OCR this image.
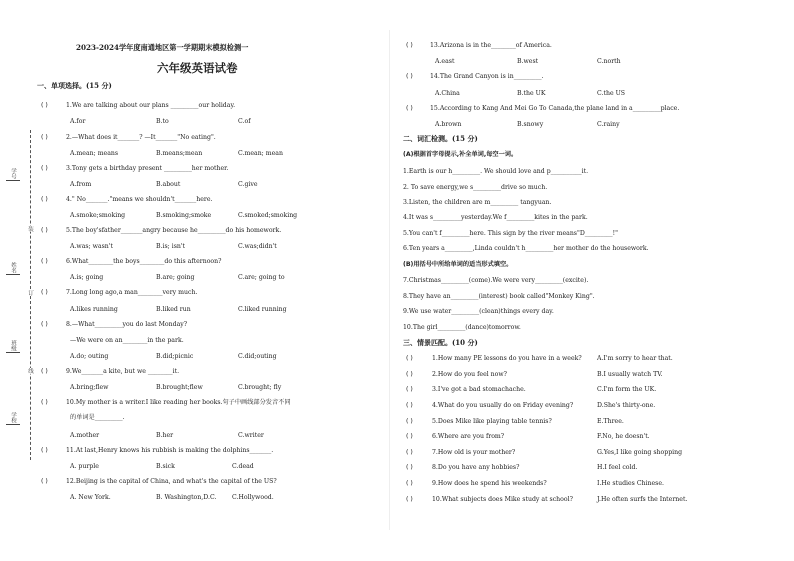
学号
姓名
班级
学校
装
订
线
2023-2024学年度南通地区第一学期期末模拟检测一
六年级英语试卷
一、单项选择。(15 分)
( )	1.We are talking about our plans _________our holiday.
A.for	B.to	C.of
( )	2.—What does it_______? —It_______"No eating".
A.mean; means	B.means;mean	C.mean; mean
( )	3.Tony gets a birthday present _________her mother.
A.from	B.about	C.give
( )	4." No_______."means we shouldn't_______here.
A.smoke;smoking	B.smoking;smoke	C.smoked;smoking
( )	5.The boy'sfather_______angry because he_________do his homework.
A.was; wasn't	B.is; isn't	C.was;didn't
( )	6.What________the boys________do this afternoon?
A.is; going	B.are; going	C.are; going to
( )	7.Long long ago,a man________very much.
A.likes running	B.liked run	C.liked running
( )	8.—What_________you do last Monday?
—We were on an________in the park.
A.do; outing	B.did;picnic	C.did;outing
( )	9.We_______a kite, but we ________it.
A.bring;flew	B.brought;flew	C.brought; fly
( )	10.My mother is a writer.I like reading her books.句子中画线部分发音不同
的单词是_________.
A.mother	B.her	C.writer
( )	11.At last,Henry knows his rubbish is making the dolphins_______.
A. purple	B.sick	C.dead
( )	12.Beijing is the capital of China, and what's the capital of the US?
A. New York.	B. Washington,D.C.	C.Hollywood.
( )	13.Arizona is in the________of America.
A.east	B.west	C.north
( )	14.The Grand Canyon is in_________.
A.China	B.the UK	C.the US
( )	15.According to Kang And Mei Go To Canada,the plane land in a_________place.
A.brown	B.snowy	C.rainy
二、词汇检测。(15 分)
(A)根据首字母提示,补全单词,每空一词。
1.Earth is our h_________. We should love and p__________it.
2. To save energy,we s_________drive so much.
3.Listen, the children are m_________ tangyuan.
4.It was s_________yesterday.We f_________kites in the park.
5.You can't f_________here. This sign by the river means"D_________!"
6.Ten years a_________,Linda couldn't h_________her mother do the housework.
(B)用括号中所给单词的适当形式填空。
7.Christmas_________(come).We were very_________(excite).
8.They have an_________(interest) book called"Monkey King".
9.We use water_________(clean)things every day.
10.The girl_________(dance)tomorrow.
三、情景匹配。(10 分)
( )	1.How many PE lessons do you have in a week? A.I'm sorry to hear that.
( )	2.How do you feel now?	B.I usually watch TV.
( )	3.I've got a bad stomachache.	C.I'm form the UK.
( )	4.What do you usually do on Friday evening?	D.She's thirty-one.
( )	5.Does Mike like playing table tennis?	E.Three.
( )	6.Where are you from?	F.No, he doesn't.
( )	7.How old is your mother?	G.Yes,I like going shopping
( )	8.Do you have any hobbies?	H.I feel cold.
( )	9.How does he spend his weekends?	I.He studies Chinese.
( )	10.What subjects does Mike study at school?	J.He often surfs the Internet.
